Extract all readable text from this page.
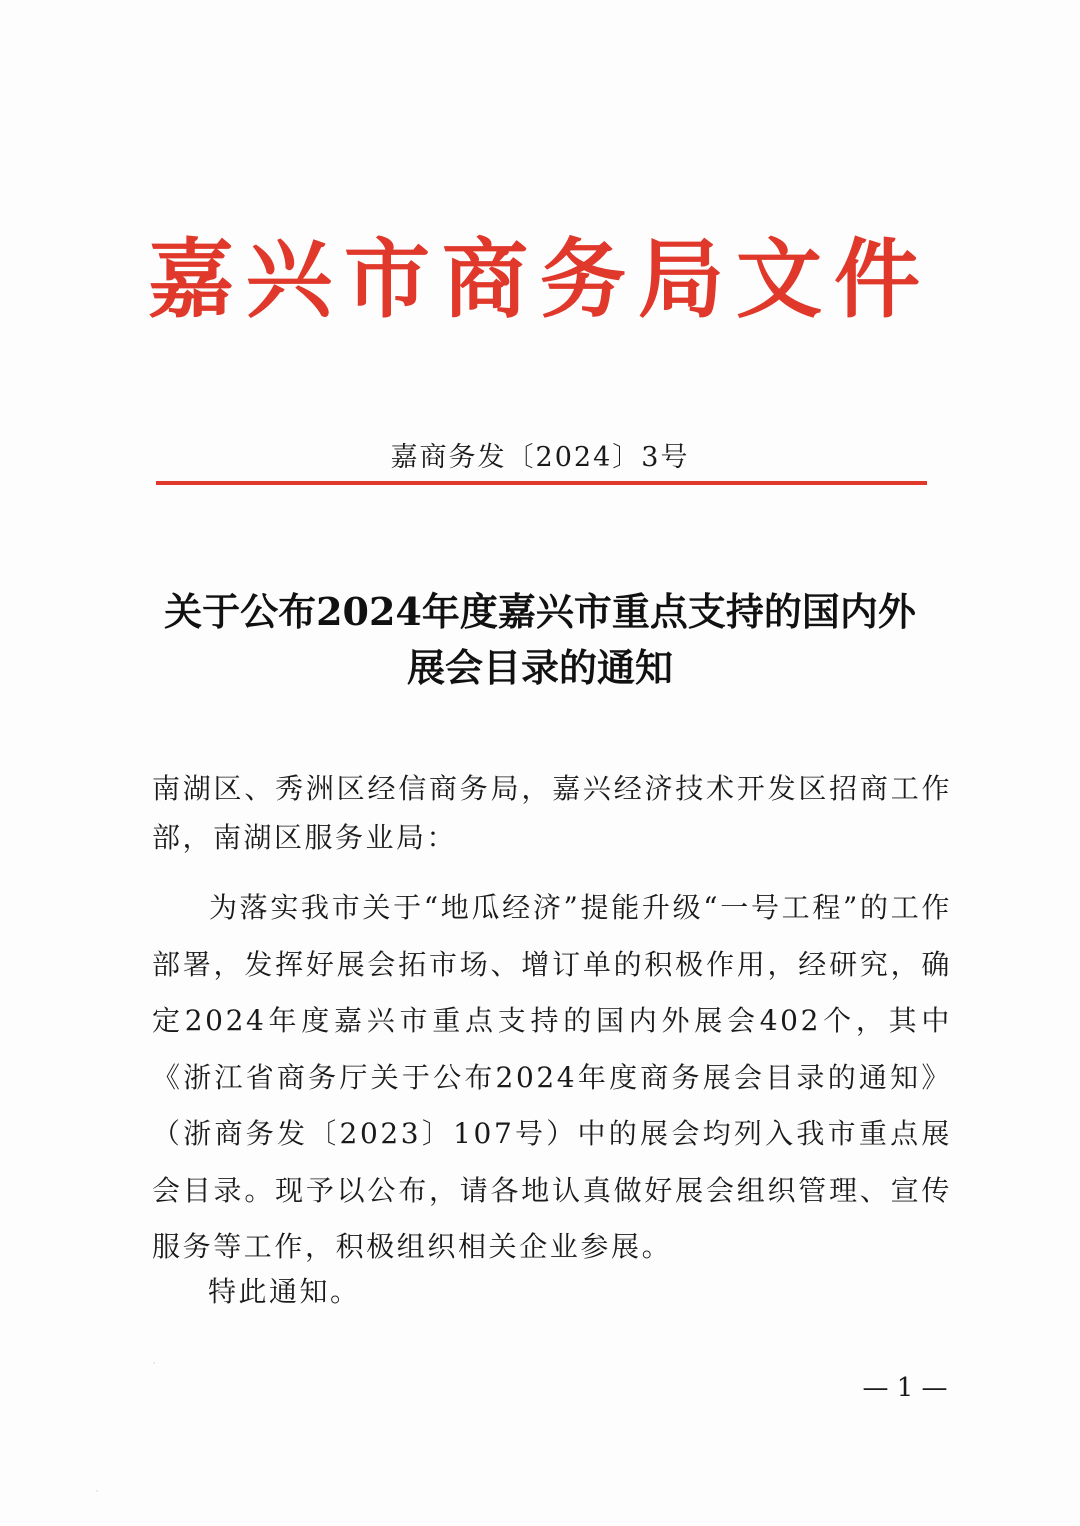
嘉兴市商务局文件
嘉商务发〔2024〕3号
关于公布2024年度嘉兴市重点支持的国内外
展会目录的通知
南湖区、秀洲区经信商务局，嘉兴经济技术开发区招商工作部，南湖区服务业局：
为落实我市关于“地瓜经济”提能升级“一号工程”的工作部署，发挥好展会拓市场、增订单的积极作用，经研究，确定2024年度嘉兴市重点支持的国内外展会402个，其中《浙江省商务厅关于公布2024年度商务展会目录的通知》（浙商务发〔2023〕107号）中的展会均列入我市重点展会目录。现予以公布，请各地认真做好展会组织管理、宣传服务等工作，积极组织相关企业参展。
特此通知。
— 1 —
